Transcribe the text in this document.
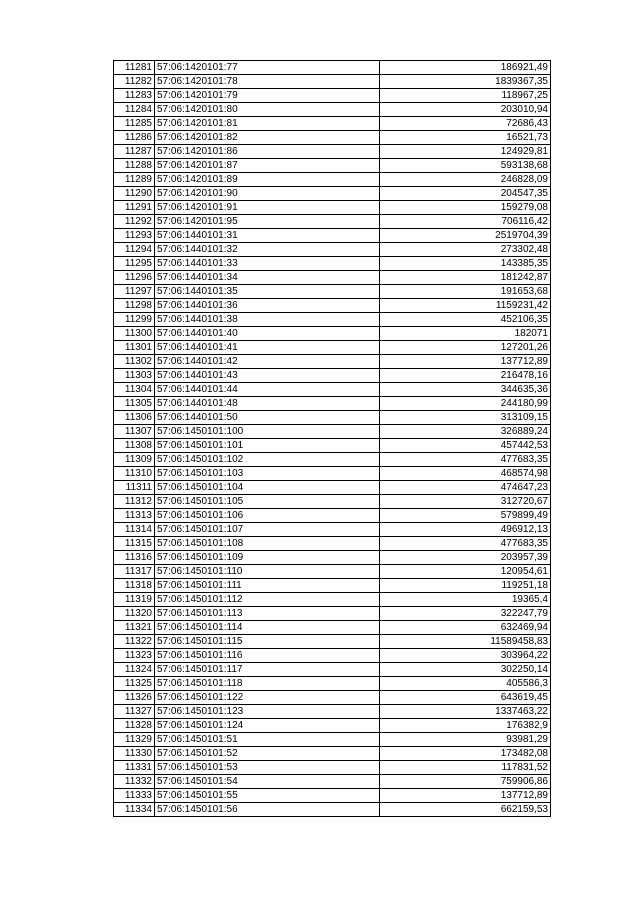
11281	57:06:1420101:77	186921,49
11282	57:06:1420101:78	1839367,35
11283	57:06:1420101:79	118967,25
11284	57:06:1420101:80	203010,94
11285	57:06:1420101:81	72686,43
11286	57:06:1420101:82	16521,73
11287	57:06:1420101:86	124929,81
11288	57:06:1420101:87	593138,68
11289	57:06:1420101:89	246828,09
11290	57:06:1420101:90	204547,35
11291	57:06:1420101:91	159279,08
11292	57:06:1420101:95	706116,42
11293	57:06:1440101:31	2519704,39
11294	57:06:1440101:32	273302,48
11295	57:06:1440101:33	143385,35
11296	57:06:1440101:34	181242,87
11297	57:06:1440101:35	191653,68
11298	57:06:1440101:36	1159231,42
11299	57:06:1440101:38	452106,35
11300	57:06:1440101:40	182071
11301	57:06:1440101:41	127201,26
11302	57:06:1440101:42	137712,89
11303	57:06:1440101:43	216478,16
11304	57:06:1440101:44	344635,36
11305	57:06:1440101:48	244180,99
11306	57:06:1440101:50	313109,15
11307	57:06:1450101:100	326889,24
11308	57:06:1450101:101	457442,53
11309	57:06:1450101:102	477683,35
11310	57:06:1450101:103	468574,98
11311	57:06:1450101:104	474647,23
11312	57:06:1450101:105	312720,67
11313	57:06:1450101:106	579899,49
11314	57:06:1450101:107	496912,13
11315	57:06:1450101:108	477683,35
11316	57:06:1450101:109	203957,39
11317	57:06:1450101:110	120954,61
11318	57:06:1450101:111	119251,18
11319	57:06:1450101:112	19365,4
11320	57:06:1450101:113	322247,79
11321	57:06:1450101:114	632469,94
11322	57:06:1450101:115	11589458,83
11323	57:06:1450101:116	303964,22
11324	57:06:1450101:117	302250,14
11325	57:06:1450101:118	405586,3
11326	57:06:1450101:122	643619,45
11327	57:06:1450101:123	1337463,22
11328	57:06:1450101:124	176382,9
11329	57:06:1450101:51	93981,29
11330	57:06:1450101:52	173482,08
11331	57:06:1450101:53	117831,52
11332	57:06:1450101:54	759906,86
11333	57:06:1450101:55	137712,89
11334	57:06:1450101:56	662159,53
